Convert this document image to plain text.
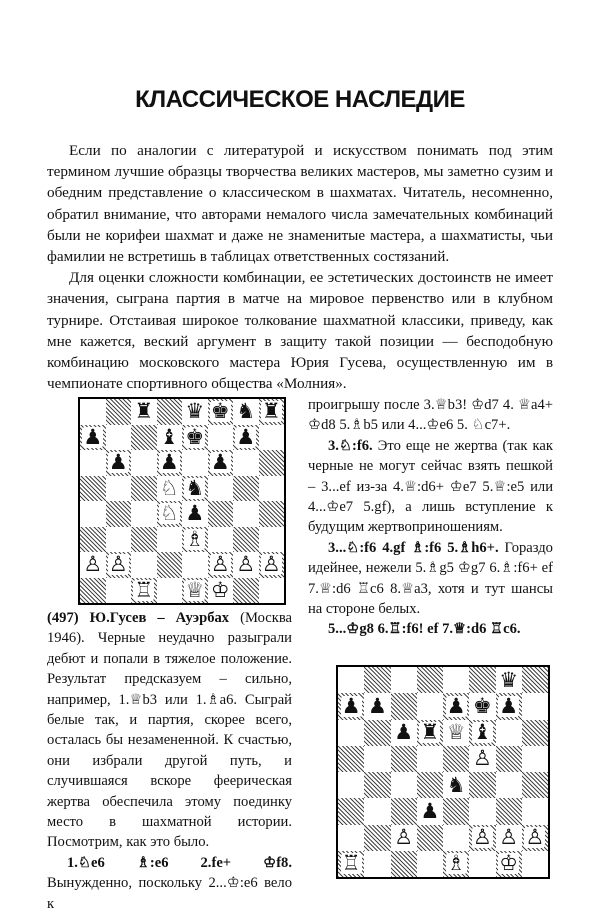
КЛАССИЧЕСКОЕ НАСЛЕДИЕ

Если по аналогии с литературой и искусством понимать под этим термином лучшие образцы творчества великих мастеров, мы заметно сузим и обедним представление о классическом в шахматах. Читатель, несомненно, обратил внимание, что авторами немалого числа замечательных комбинаций были не корифеи шахмат и даже не знаменитые мастера, а шахматисты, чьи фамилии не встретишь в таблицах ответственных состязаний.

Для оценки сложности комбинации, ее эстетических достоинств не имеет значения, сыграна партия в матче на мировое первенство или в клубном турнире. Отстаивая широкое толкование шахматной классики, приведу, как мне кажется, веский аргумент в защиту такой позиции — бесподобную комбинацию московского мастера Юрия Гусева, осуществленную им в чемпионате спортивного общества «Молния».

♜ ♛ ♚ ♞ ♜
♟	♝ ♚ ♟
♟ ♟ ♟
♘ ♞
♘ ♟
♗
♙ ♙	♙ ♙ ♙
♖ ♕ ♔

(497) Ю.Гусев – Ауэрбах (Москва 1946). Черные неудачно разыграли дебют и попали в тяжелое положение. Результат предсказуем – сильно, например, 1.♕b3 или 1.♗a6. Сыграй белые так, и партия, скорее всего, осталась бы незамененной. К счастью, они избрали другой путь, и случившаяся вскоре феерическая жертва обеспечила этому поединку место в шахматной истории. Посмотрим, как это было.

1.♘e6 ♗:e6 2.fe+ ♔f8. Вынужденно, поскольку 2...♔:e6 вело к

проигрышу после 3.♕b3! ♔d7 4. ♕a4+ ♔d8 5.♗b5 или 4...♔e6 5. ♘c7+.

3.♘:f6. Это еще не жертва (так как черные не могут сейчас взять пешкой – 3...ef из-за 4.♕:d6+ ♔e7 5.♕:e5 или 4...♔e7 5.gf), а лишь вступление к будущим жертвоприношениям.

3...♘:f6 4.gf ♗:f6 5.♗h6+. Гораздо идейнее, нежели 5.♗g5 ♔g7 6.♗:f6+ ef 7.♕:d6 ♖c6 8.♕a3, хотя и тут шансы на стороне белых.

5...♔g8 6.♖:f6! ef 7.♕:d6 ♖c6.

♛
♟ ♟	♟ ♚ ♟
♟ ♜ ♕ ♝
♙
♞
♟
♙	♙ ♙ ♙
♖	♗ ♔
